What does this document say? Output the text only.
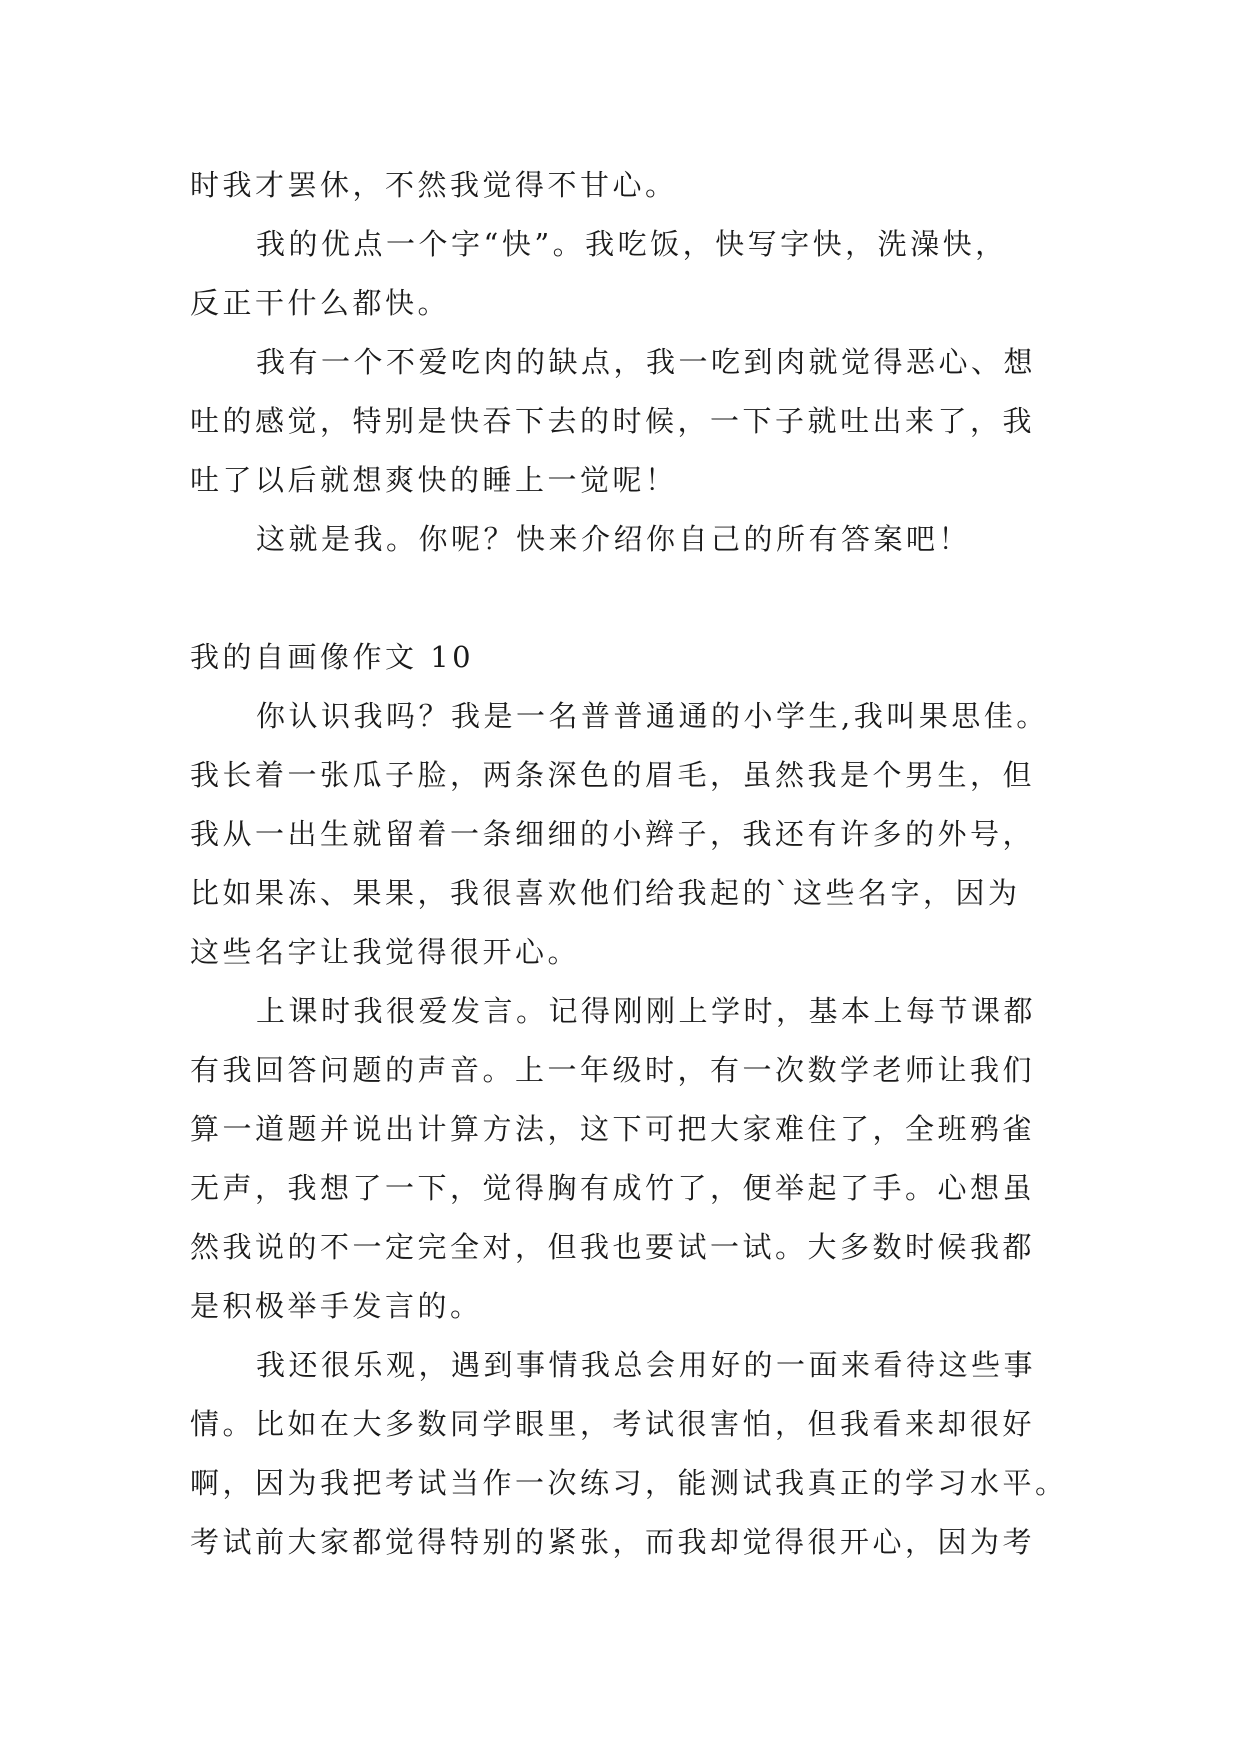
时我才罢休，不然我觉得不甘心。
我的优点一个字“快”。我吃饭，快写字快，洗澡快，
反正干什么都快。
我有一个不爱吃肉的缺点，我一吃到肉就觉得恶心、想
吐的感觉，特别是快吞下去的时候，一下子就吐出来了，我
吐了以后就想爽快的睡上一觉呢！
这就是我。你呢？快来介绍你自己的所有答案吧！
我的自画像作文 10
你认识我吗？我是一名普普通通的小学生,我叫果思佳。
我长着一张瓜子脸，两条深色的眉毛，虽然我是个男生，但
我从一出生就留着一条细细的小辫子，我还有许多的外号，
比如果冻、果果，我很喜欢他们给我起的`这些名字，因为
这些名字让我觉得很开心。
上课时我很爱发言。记得刚刚上学时，基本上每节课都
有我回答问题的声音。上一年级时，有一次数学老师让我们
算一道题并说出计算方法，这下可把大家难住了，全班鸦雀
无声，我想了一下，觉得胸有成竹了，便举起了手。心想虽
然我说的不一定完全对，但我也要试一试。大多数时候我都
是积极举手发言的。
我还很乐观，遇到事情我总会用好的一面来看待这些事
情。比如在大多数同学眼里，考试很害怕，但我看来却很好
啊，因为我把考试当作一次练习，能测试我真正的学习水平。
考试前大家都觉得特别的紧张，而我却觉得很开心，因为考
